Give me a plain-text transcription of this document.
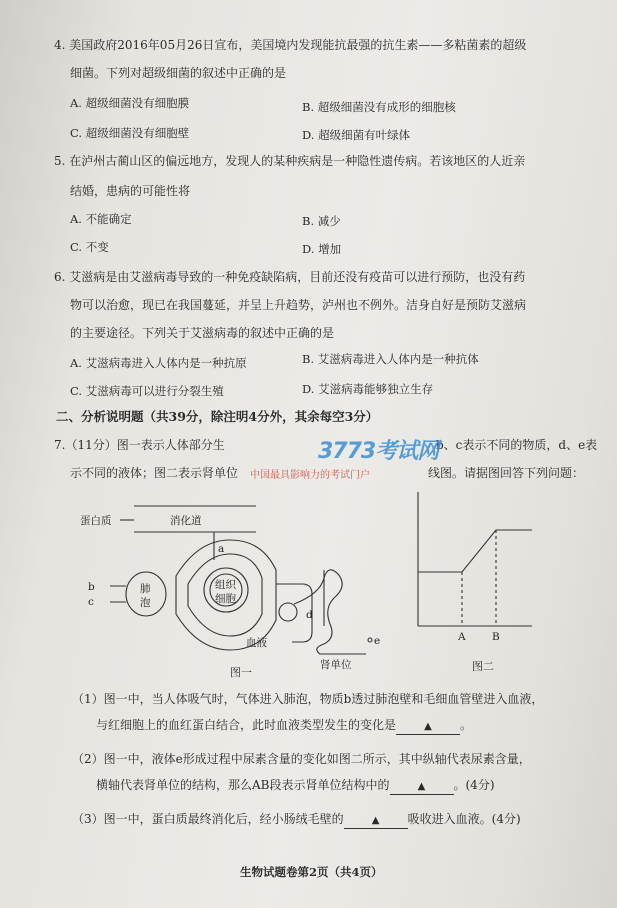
4. 美国政府2016年05月26日宣布，美国境内发现能抗最强的抗生素——多粘菌素的超级
细菌。下列对超级细菌的叙述中正确的是
A. 超级细菌没有细胞膜	B. 超级细菌没有成形的细胞核
C. 超级细菌没有细胞壁	D. 超级细菌有叶绿体
5. 在泸州古蔺山区的偏远地方，发现人的某种疾病是一种隐性遗传病。若该地区的人近亲
结婚，患病的可能性将
A. 不能确定	B. 减少
C. 不变	D. 增加
6. 艾滋病是由艾滋病毒导致的一种免疫缺陷病，目前还没有疫苗可以进行预防，也没有药
物可以治愈，现已在我国蔓延，并呈上升趋势，泸州也不例外。洁身自好是预防艾滋病
的主要途径。下列关于艾滋病毒的叙述中正确的是
A. 艾滋病毒进入人体内是一种抗原	B. 艾滋病毒进入人体内是一种抗体
C. 艾滋病毒可以进行分裂生殖	D. 艾滋病毒能够独立生存
二、分析说明题（共39分，除注明4分外，其余每空3分）
7.（11分）图一表示人体部分生	b、c表示不同的物质，d、e表
示不同的液体；图二表示肾单位	线图。请据图回答下列问题：
3773考试网
中国最具影响力的考试门户
蛋白质	消化道
a
b
c
肺
泡
组织
细胞
血液
d
e
肾单位
图一
A	B
图二
（1）图一中，当人体吸气时，气体进入肺泡，物质b透过肺泡壁和毛细血管壁进入血液，
与红细胞上的血红蛋白结合，此时血液类型发生的变化是	▲ 。
（2）图一中，液体e形成过程中尿素含量的变化如图二所示，其中纵轴代表尿素含量，
横轴代表肾单位的结构，那么AB段表示肾单位结构中的	▲ 。(4分)
（3）图一中，蛋白质最终消化后，经小肠绒毛壁的	▲ 吸收进入血液。(4分)
生物试题卷第2页（共4页）
